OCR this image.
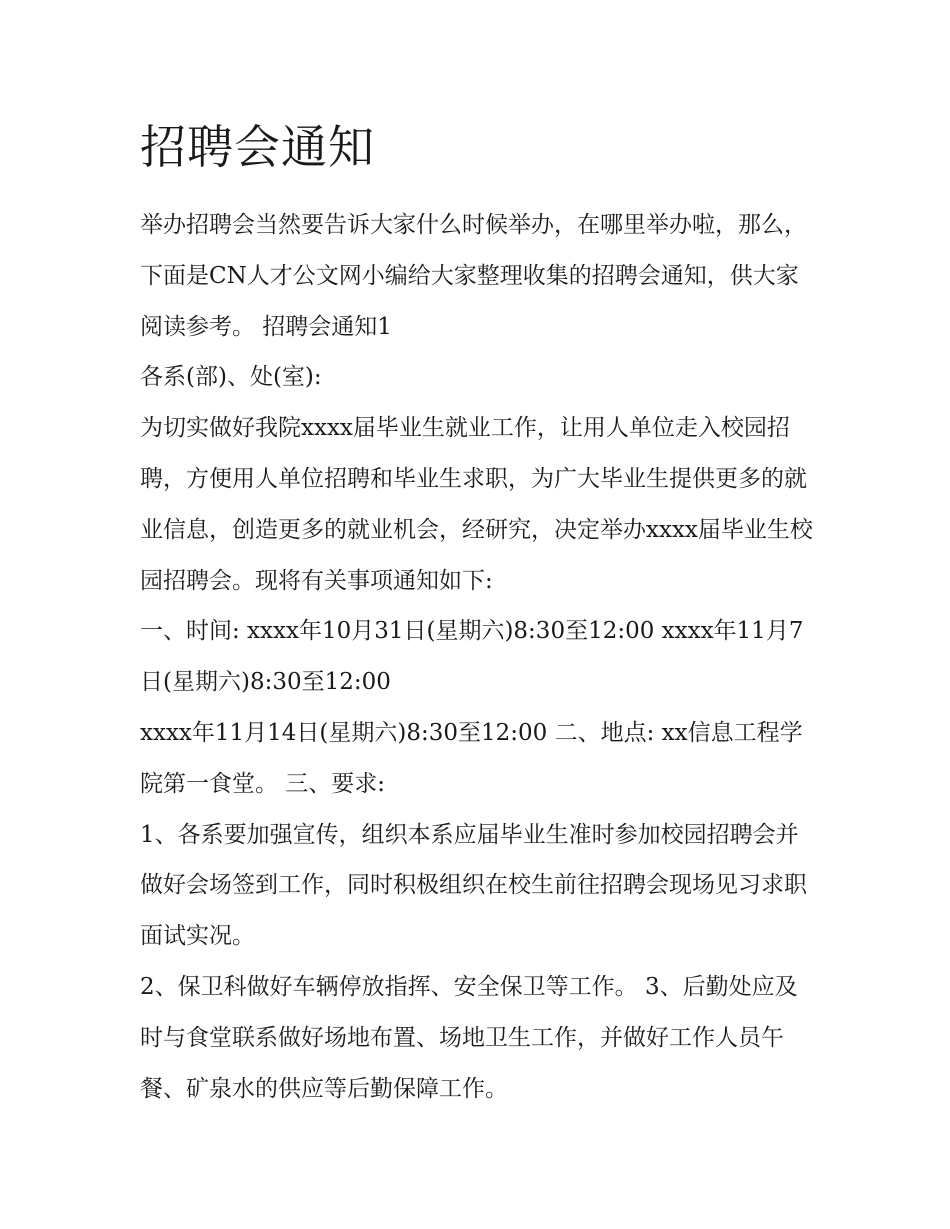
招聘会通知

举办招聘会当然要告诉大家什么时候举办，在哪里举办啦，那么，下面是CN人才公文网小编给大家整理收集的招聘会通知，供大家阅读参考。 招聘会通知1

各系(部)、处(室):

为切实做好我院xxxx届毕业生就业工作，让用人单位走入校园招聘，方便用人单位招聘和毕业生求职，为广大毕业生提供更多的就业信息，创造更多的就业机会，经研究，决定举办xxxx届毕业生校园招聘会。现将有关事项通知如下:

一、时间: xxxx年10月31日(星期六)8:30至12:00 xxxx年11月7日(星期六)8:30至12:00

xxxx年11月14日(星期六)8:30至12:00 二、地点: xx信息工程学院第一食堂。 三、要求:

1、各系要加强宣传，组织本系应届毕业生准时参加校园招聘会并做好会场签到工作，同时积极组织在校生前往招聘会现场见习求职面试实况。

2、保卫科做好车辆停放指挥、安全保卫等工作。 3、后勤处应及时与食堂联系做好场地布置、场地卫生工作，并做好工作人员午餐、矿泉水的供应等后勤保障工作。
